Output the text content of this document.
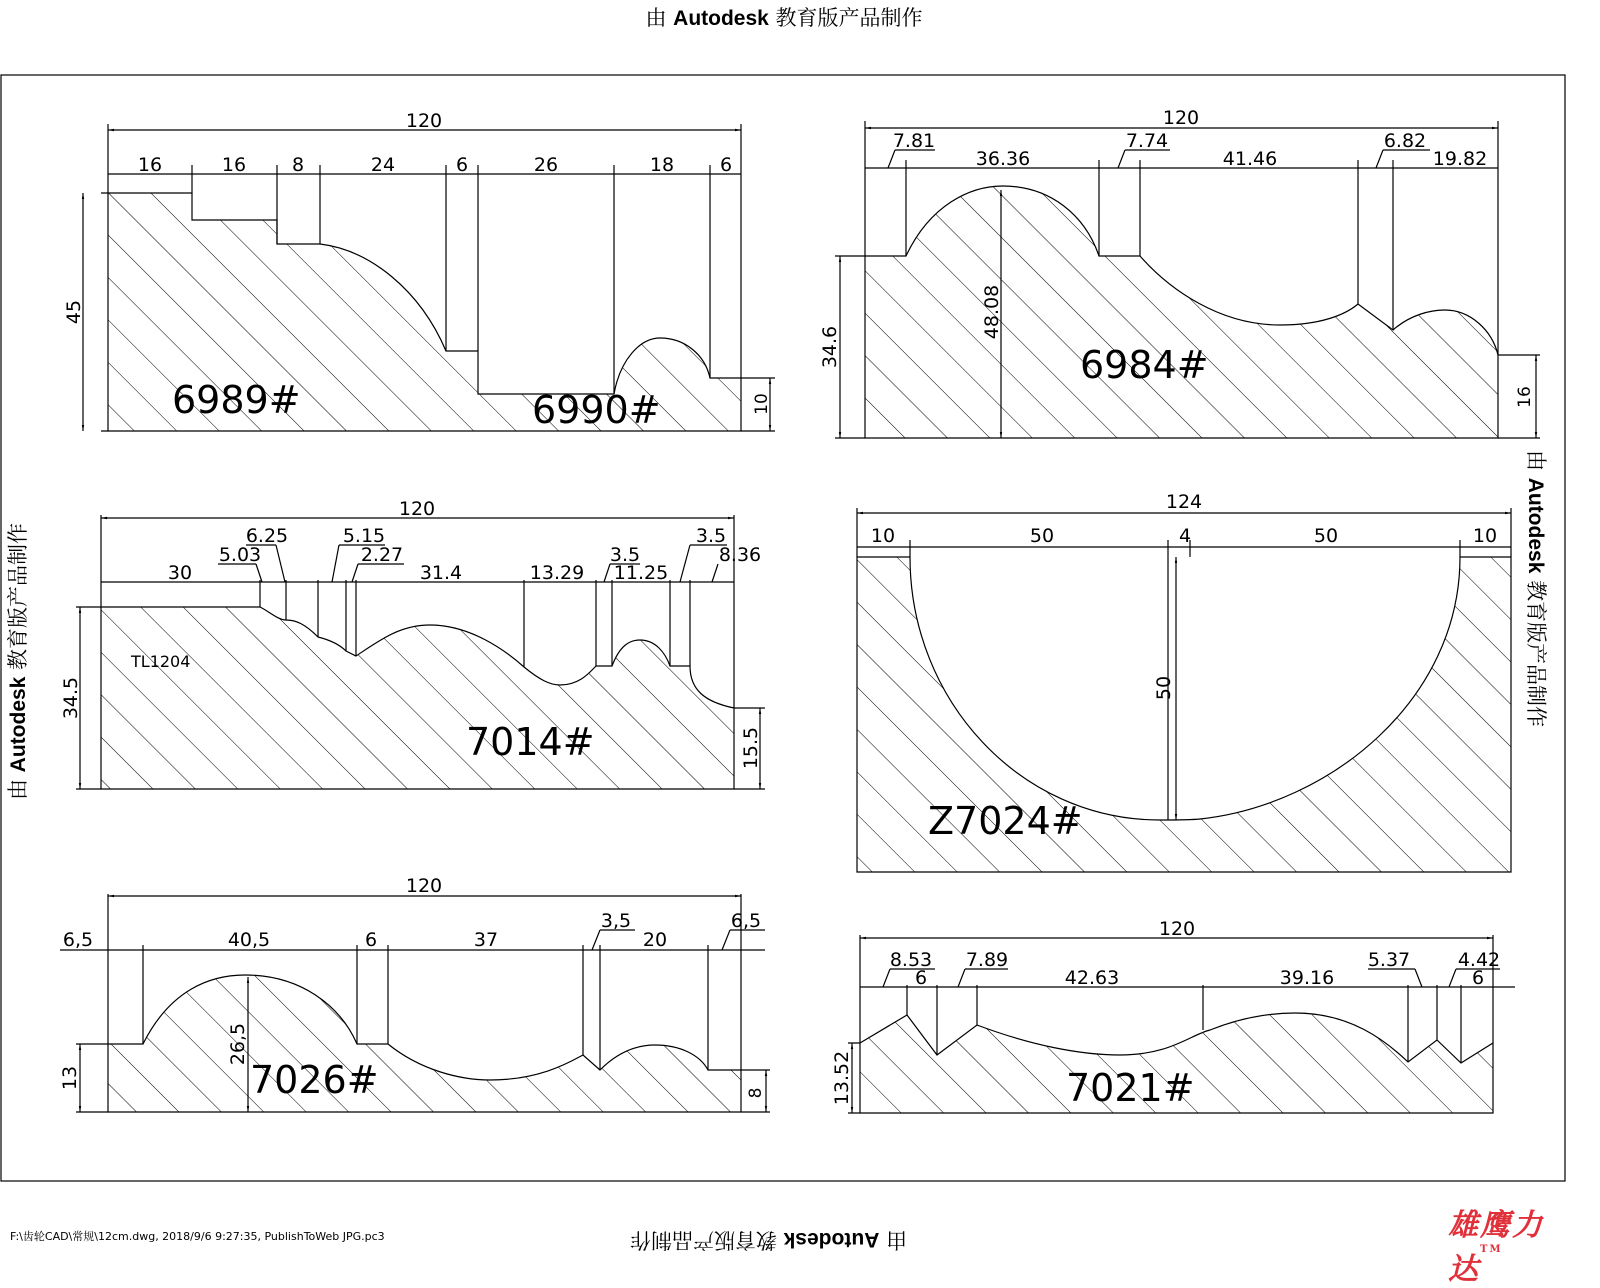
由 Autodesk 教育版产品制作
由 Autodesk 教育版产品制作
由 Autodesk 教育版产品制作
由 Autodesk 教育版产品制作
120
16	16 8	24	6	26	18 6
45
10
6989#	6990#
120
7.81
36.36
7.74
41.46
6.82
19.82
34.6
48.08
16
6984#
120
30
5.03
6.25	5.15
2.27
31.4	13.29
3.5
11.25
3.5
8.36
34.5
15.5
TL1204
7014#
124
10	50	4	50	10
50
Z7024#
120
6,5	40,5	6	37
3,5
20
6,5
13
26,5
8
7026#
120
8.53
6
7.89
42.63	39.16
5.37	4.42
6
13.52	7021#
F:\齿轮CAD\常规\12cm.dwg, 2018/9/6 9:27:35, PublishToWeb JPG.pc3	雄鹰力达™
